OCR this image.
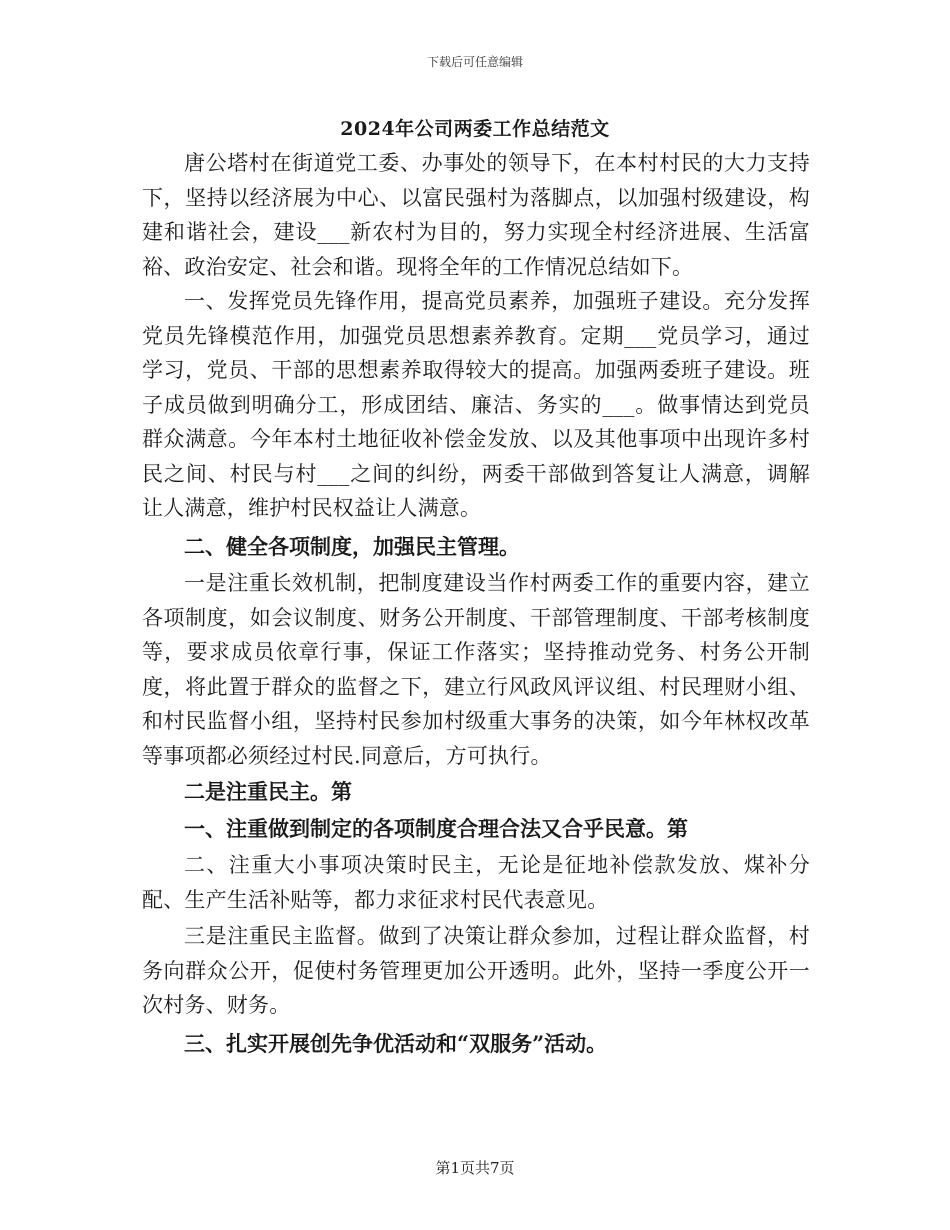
下载后可任意编辑
2024年公司两委工作总结范文

唐公塔村在街道党工委、办事处的领导下，在本村村民的大力支持下，坚持以经济展为中心、以富民强村为落脚点，以加强村级建设，构建和谐社会，建设___新农村为目的，努力实现全村经济进展、生活富裕、政治安定、社会和谐。现将全年的工作情况总结如下。

一、发挥党员先锋作用，提高党员素养，加强班子建设。充分发挥党员先锋模范作用，加强党员思想素养教育。定期___党员学习，通过学习，党员、干部的思想素养取得较大的提高。加强两委班子建设。班子成员做到明确分工，形成团结、廉洁、务实的___。做事情达到党员群众满意。今年本村土地征收补偿金发放、以及其他事项中出现许多村民之间、村民与村___之间的纠纷，两委干部做到答复让人满意，调解让人满意，维护村民权益让人满意。

二、健全各项制度，加强民主管理。

一是注重长效机制，把制度建设当作村两委工作的重要内容，建立各项制度，如会议制度、财务公开制度、干部管理制度、干部考核制度等，要求成员依章行事，保证工作落实；坚持推动党务、村务公开制度，将此置于群众的监督之下，建立行风政风评议组、村民理财小组、和村民监督小组，坚持村民参加村级重大事务的决策，如今年林权改革等事项都必须经过村民.同意后，方可执行。

二是注重民主。第

一、注重做到制定的各项制度合理合法又合乎民意。第

二、注重大小事项决策时民主，无论是征地补偿款发放、煤补分配、生产生活补贴等，都力求征求村民代表意见。

三是注重民主监督。做到了决策让群众参加，过程让群众监督，村务向群众公开，促使村务管理更加公开透明。此外，坚持一季度公开一次村务、财务。

三、扎实开展创先争优活动和“双服务”活动。

第1页共7页
